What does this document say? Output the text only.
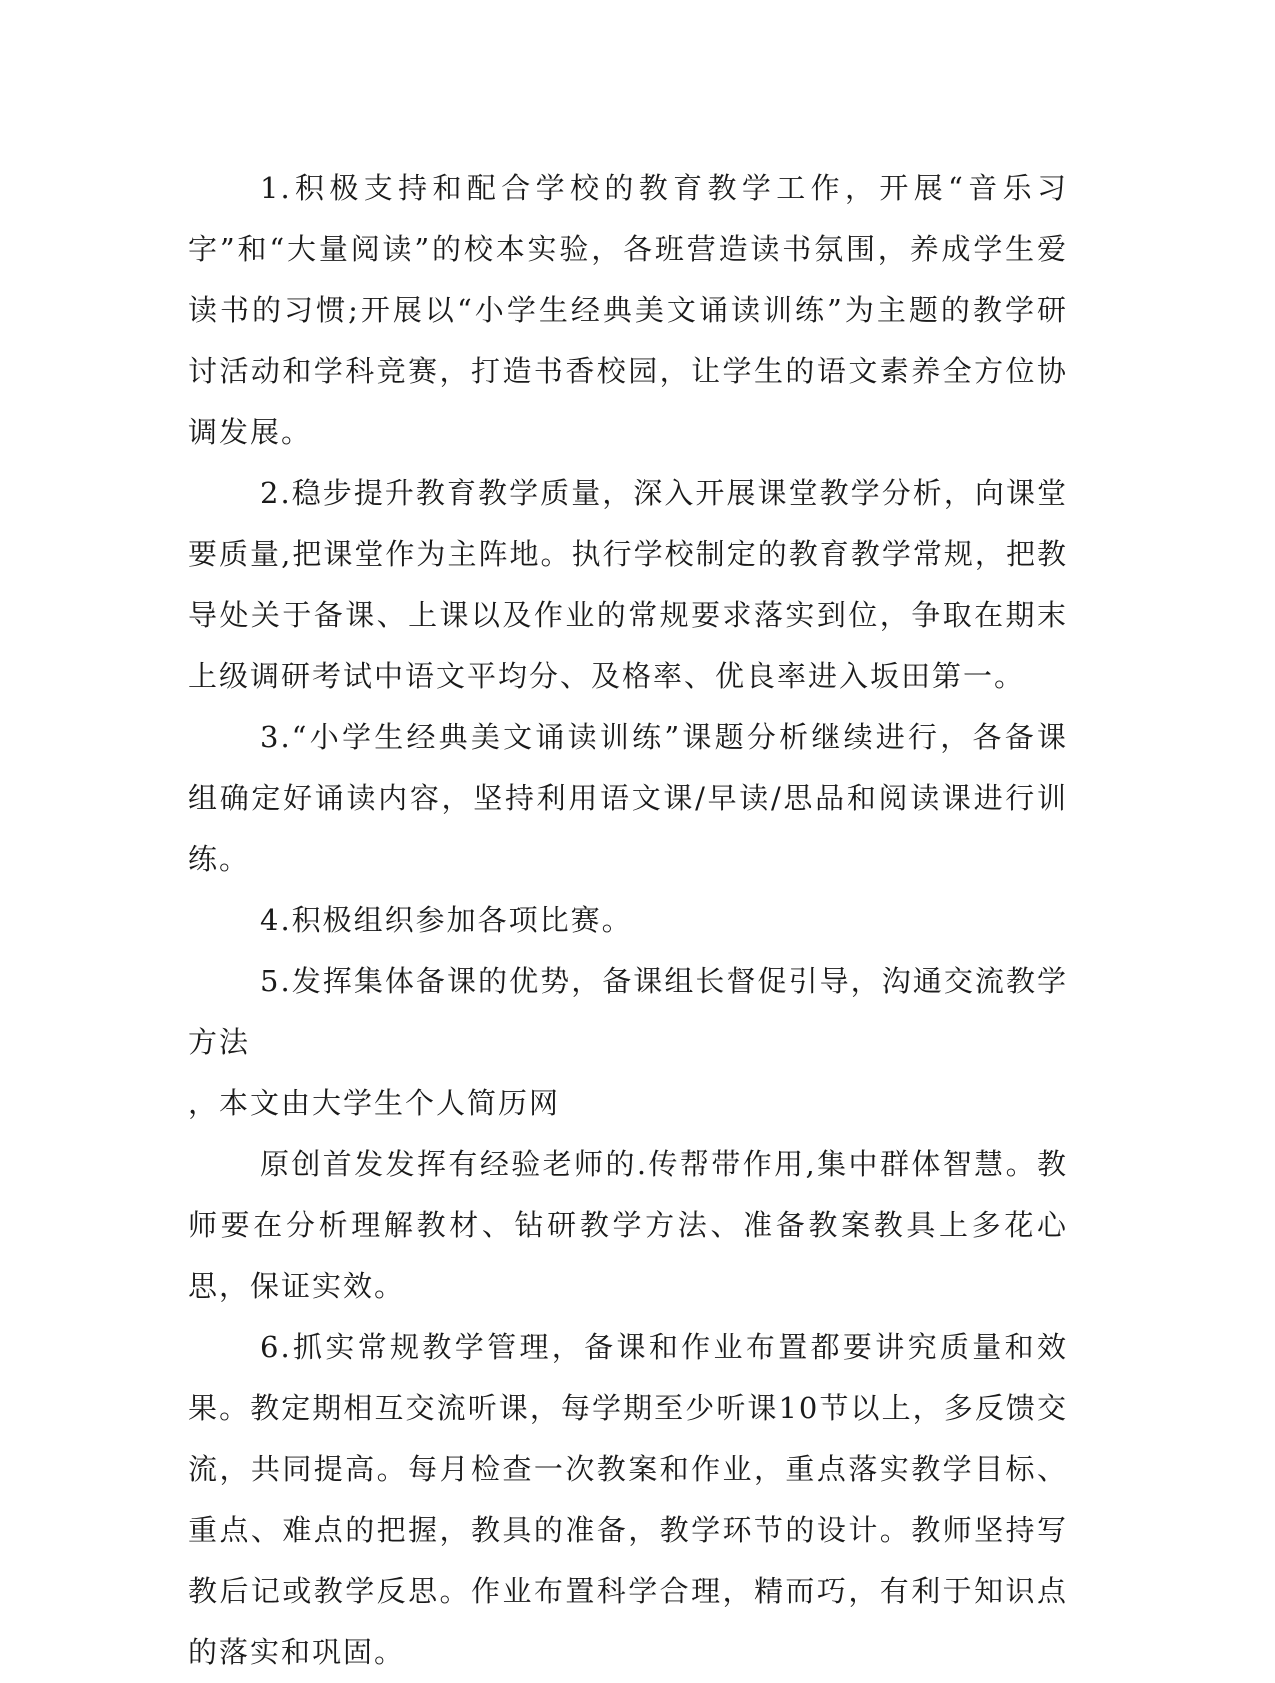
1.积极支持和配合学校的教育教学工作，开展“音乐习字”和“大量阅读”的校本实验，各班营造读书氛围，养成学生爱读书的习惯;开展以“小学生经典美文诵读训练”为主题的教学研讨活动和学科竞赛，打造书香校园，让学生的语文素养全方位协调发展。

2.稳步提升教育教学质量，深入开展课堂教学分析，向课堂要质量,把课堂作为主阵地。执行学校制定的教育教学常规，把教导处关于备课、上课以及作业的常规要求落实到位，争取在期末上级调研考试中语文平均分、及格率、优良率进入坂田第一。

3.“小学生经典美文诵读训练”课题分析继续进行，各备课组确定好诵读内容，坚持利用语文课/早读/思品和阅读课进行训练。

4.积极组织参加各项比赛。

5.发挥集体备课的优势，备课组长督促引导，沟通交流教学方法

，本文由大学生个人简历网

原创首发发挥有经验老师的.传帮带作用,集中群体智慧。教师要在分析理解教材、钻研教学方法、准备教案教具上多花心思，保证实效。

6.抓实常规教学管理，备课和作业布置都要讲究质量和效果。教定期相互交流听课，每学期至少听课10节以上，多反馈交流，共同提高。每月检查一次教案和作业，重点落实教学目标、重点、难点的把握，教具的准备，教学环节的设计。教师坚持写教后记或教学反思。作业布置科学合理，精而巧，有利于知识点的落实和巩固。
